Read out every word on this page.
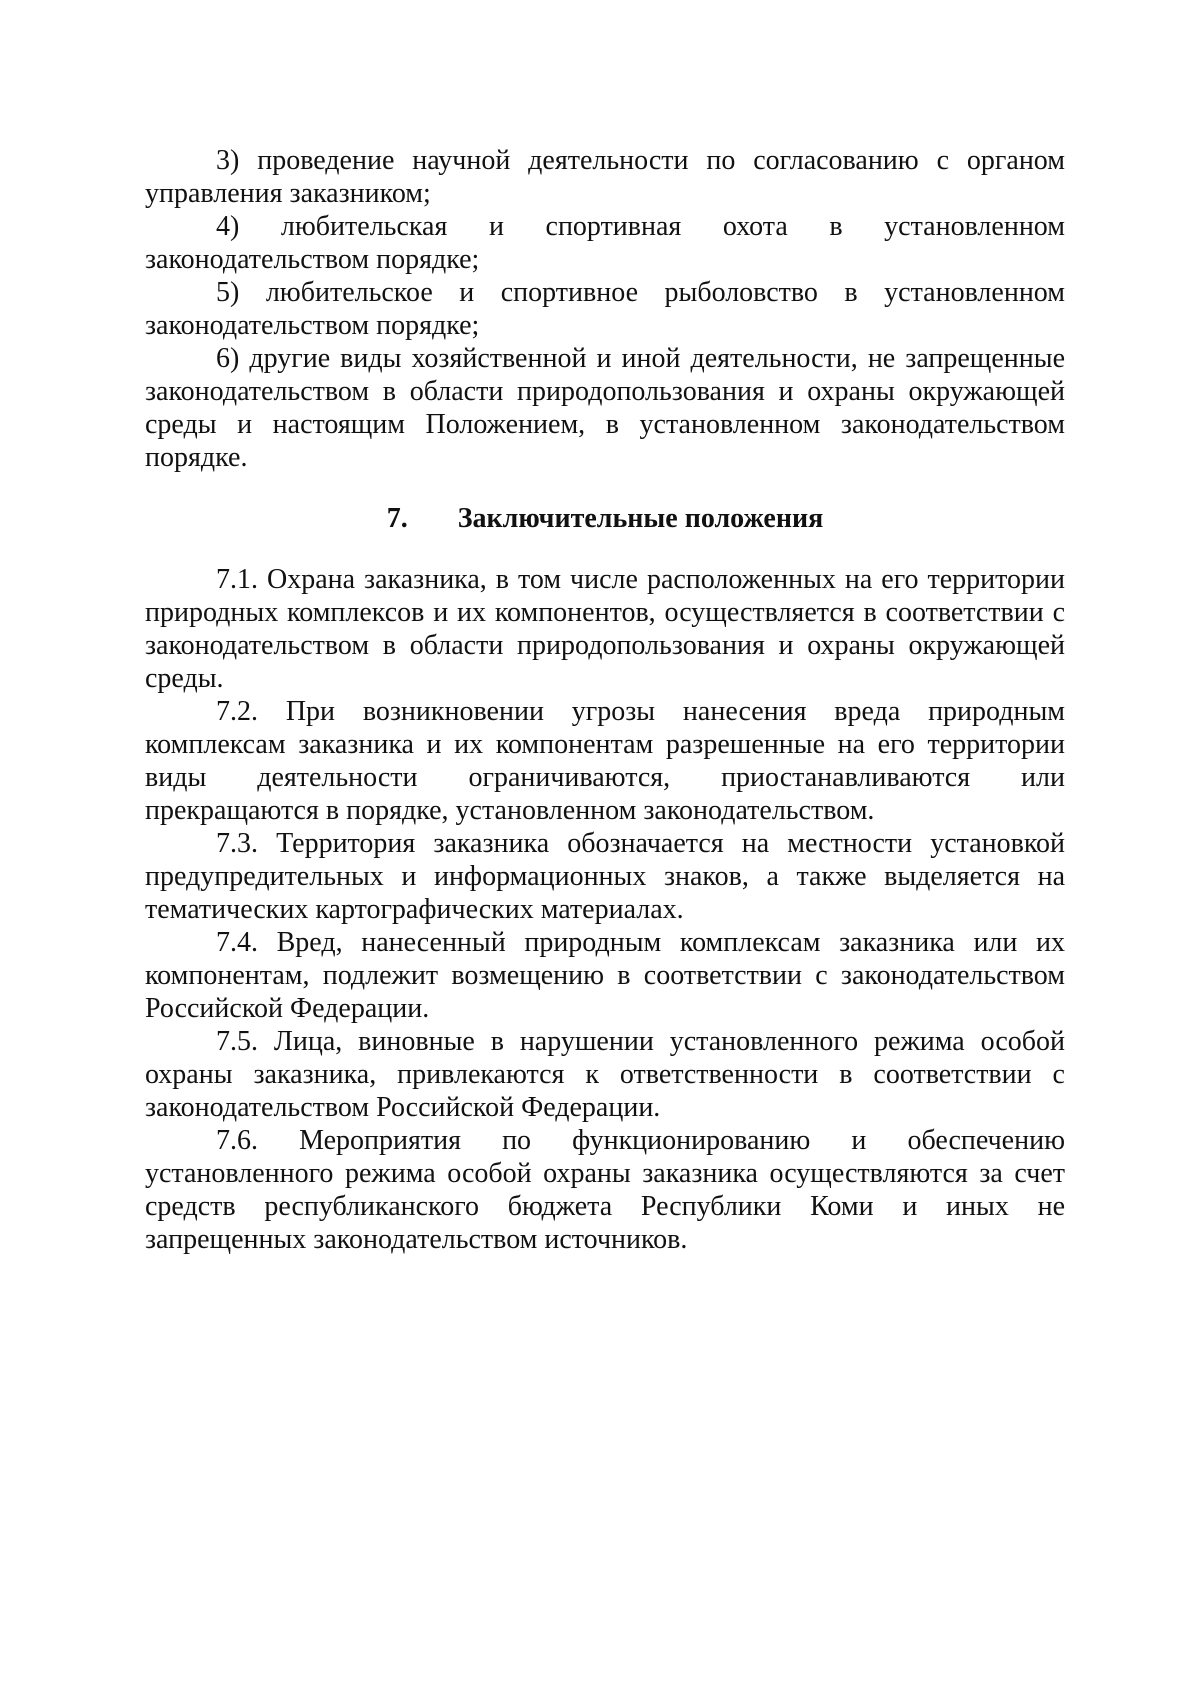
3) проведение научной деятельности по согласованию с органом управления заказником;

4) любительская и спортивная охота в установленном законодательством порядке;

5) любительское и спортивное рыболовство в установленном законодательством порядке;

6) другие виды хозяйственной и иной деятельности, не запрещенные законодательством в области природопользования и охраны окружающей среды и настоящим Положением, в установленном законодательством порядке.

7. Заключительные положения

7.1. Охрана заказника, в том числе расположенных на его территории природных комплексов и их компонентов, осуществляется в соответствии с законодательством в области природопользования и охраны окружающей среды.

7.2. При возникновении угрозы нанесения вреда природным комплексам заказника и их компонентам разрешенные на его территории виды деятельности ограничиваются, приостанавливаются или прекращаются в порядке, установленном законодательством.

7.3. Территория заказника обозначается на местности установкой предупредительных и информационных знаков, а также выделяется на тематических картографических материалах.

7.4. Вред, нанесенный природным комплексам заказника или их компонентам, подлежит возмещению в соответствии с законодательством Российской Федерации.

7.5. Лица, виновные в нарушении установленного режима особой охраны заказника, привлекаются к ответственности в соответствии с законодательством Российской Федерации.

7.6. Мероприятия по функционированию и обеспечению установленного режима особой охраны заказника осуществляются за счет средств республиканского бюджета Республики Коми и иных не запрещенных законодательством источников.
